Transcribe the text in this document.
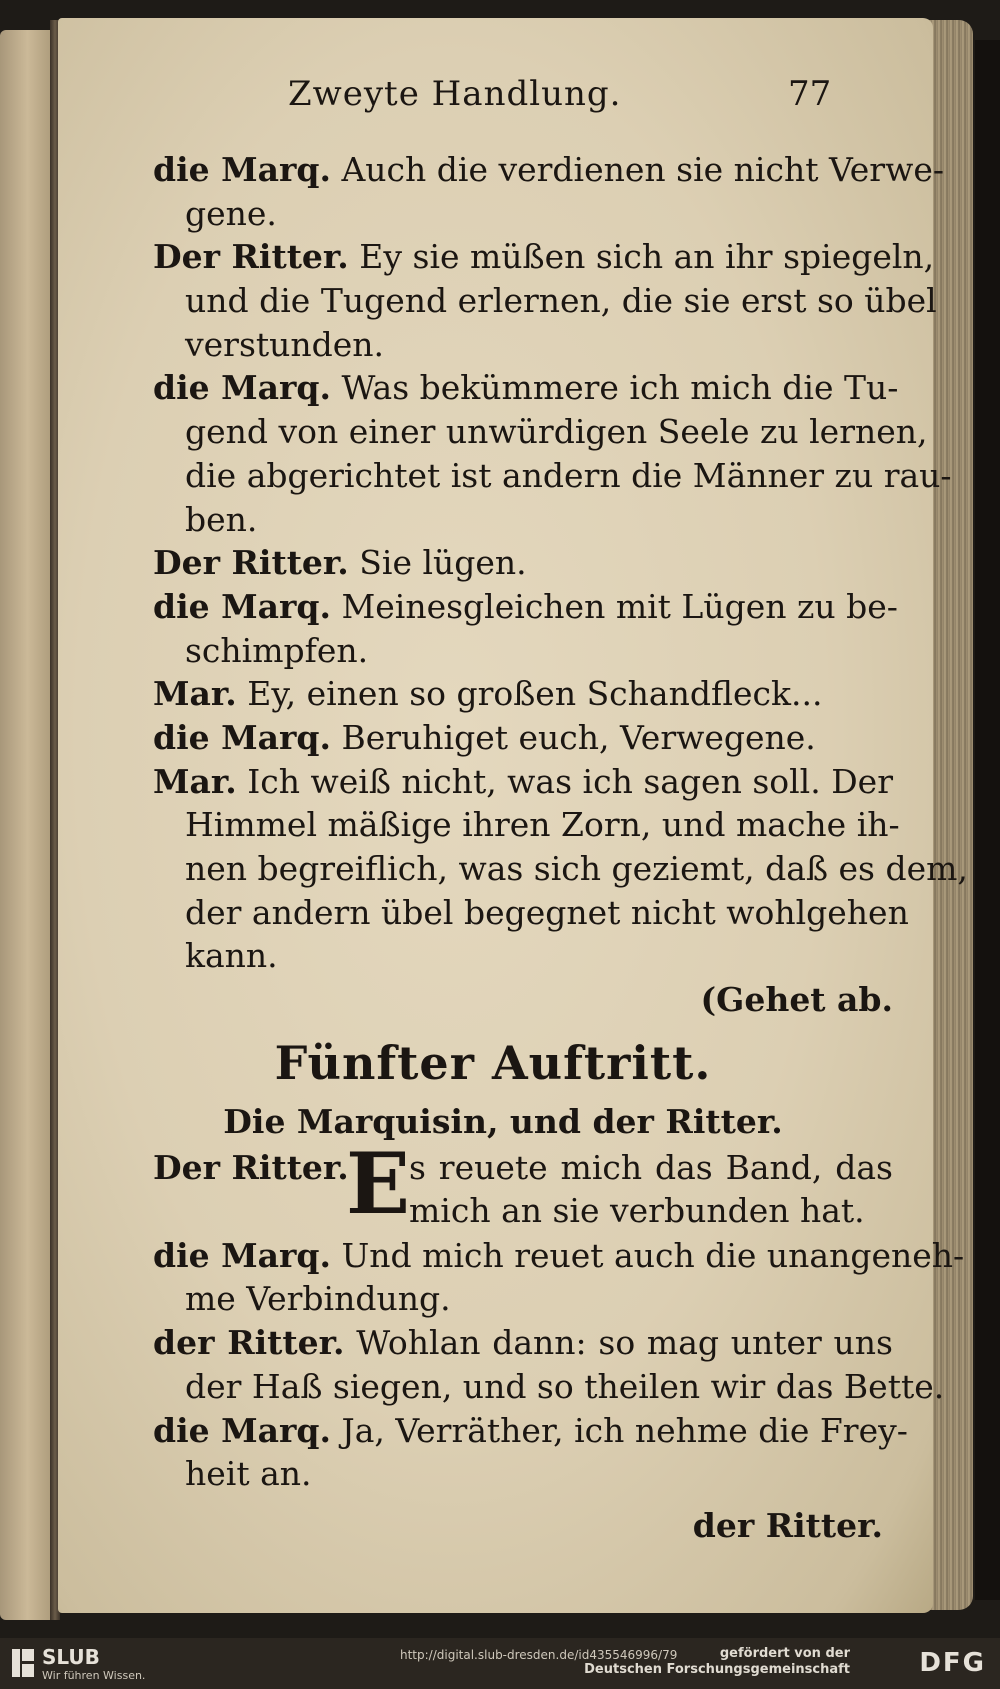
Zweyte Handlung.	77
die Marq. Auch die verdienen sie nicht Verwe-
gene.
Der Ritter. Ey sie müßen sich an ihr spiegeln,
und die Tugend erlernen, die sie erst so übel
verstunden.
die Marq. Was bekümmere ich mich die Tu-
gend von einer unwürdigen Seele zu lernen,
die abgerichtet ist andern die Männer zu rau-
ben.
Der Ritter. Sie lügen.
die Marq. Meinesgleichen mit Lügen zu be-
schimpfen.
Mar. Ey, einen so großen Schandfleck...
die Marq. Beruhiget euch, Verwegene.
Mar. Ich weiß nicht, was ich sagen soll. Der
Himmel mäßige ihren Zorn, und mache ih-
nen begreiflich, was sich geziemt, daß es dem,
der andern übel begegnet nicht wohlgehen
kann.
(Gehet ab.
Fünfter Auftritt.
Die Marquisin, und der Ritter.
Der Ritter.
E
s reuete mich das Band, das
mich an sie verbunden hat.
die Marq. Und mich reuet auch die unangeneh-
me Verbindung.
der Ritter. Wohlan dann: so mag unter uns
der Haß siegen, und so theilen wir das Bette.
die Marq. Ja, Verräther, ich nehme die Frey-
heit an.
der Ritter.
SLUB
Wir führen Wissen.
http://digital.slub-dresden.de/id435546996/79	gefördert von der
Deutschen Forschungsgemeinschaft	DFG
